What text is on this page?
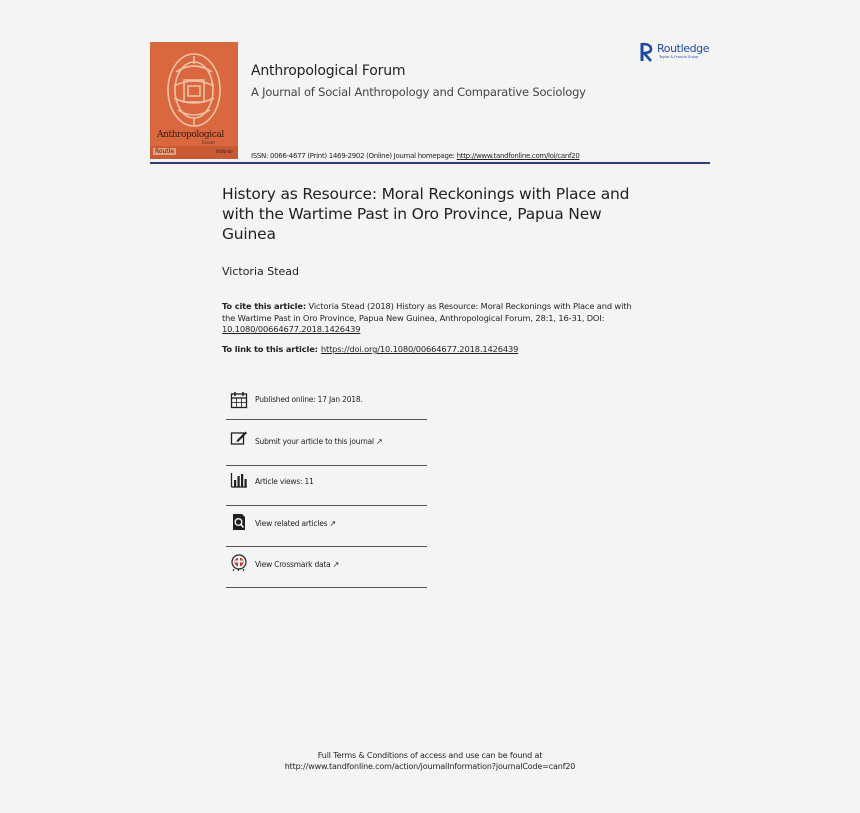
Anthropological
Forum
Routle	ISSN/Vol
Anthropological Forum
A Journal of Social Anthropology and Comparative Sociology
ISSN: 0066-4677 (Print) 1469-2902 (Online) Journal homepage: http://www.tandfonline.com/loi/canf20
Routledge
Taylor & Francis Group
History as Resource: Moral Reckonings with Place and with the Wartime Past in Oro Province, Papua New Guinea
Victoria Stead
To cite this article: Victoria Stead (2018) History as Resource: Moral Reckonings with Place and with the Wartime Past in Oro Province, Papua New Guinea, Anthropological Forum, 28:1, 16-31, DOI: 10.1080/00664677.2018.1426439
To link to this article: https://doi.org/10.1080/00664677.2018.1426439
Published online: 17 Jan 2018.
Submit your article to this journal ↗
Article views: 11
View related articles ↗
View Crossmark data ↗
Full Terms & Conditions of access and use can be found at
http://www.tandfonline.com/action/journalInformation?journalCode=canf20
